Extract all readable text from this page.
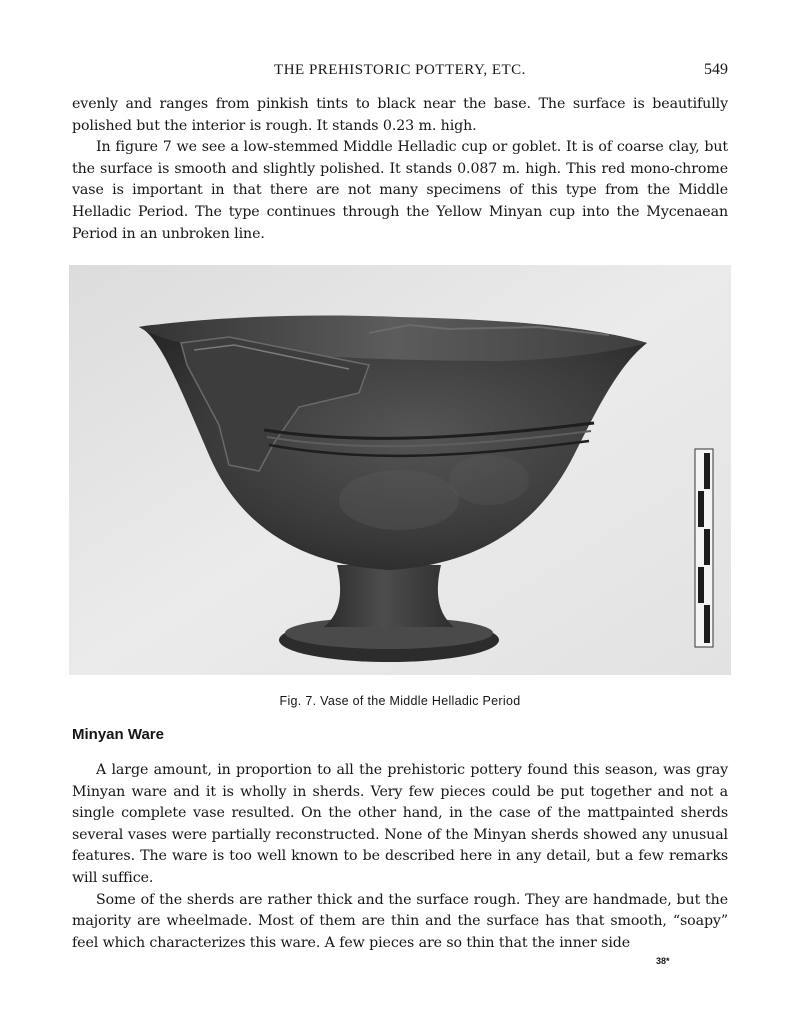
THE PREHISTORIC POTTERY, ETC.	549

evenly and ranges from pinkish tints to black near the base. The surface is beautifully polished but the interior is rough. It stands 0.23 m. high.

In figure 7 we see a low-stemmed Middle Helladic cup or goblet. It is of coarse clay, but the surface is smooth and slightly polished. It stands 0.087 m. high. This red mono-chrome vase is important in that there are not many specimens of this type from the Middle Helladic Period. The type continues through the Yellow Minyan cup into the Mycenaean Period in an unbroken line.

Fig. 7. Vase of the Middle Helladic Period
Minyan Ware

A large amount, in proportion to all the prehistoric pottery found this season, was gray Minyan ware and it is wholly in sherds. Very few pieces could be put together and not a single complete vase resulted. On the other hand, in the case of the mattpainted sherds several vases were partially reconstructed. None of the Minyan sherds showed any unusual features. The ware is too well known to be described here in any detail, but a few remarks will suffice.

Some of the sherds are rather thick and the surface rough. They are handmade, but the majority are wheelmade. Most of them are thin and the surface has that smooth, “soapy” feel which characterizes this ware. A few pieces are so thin that the inner side

38*
